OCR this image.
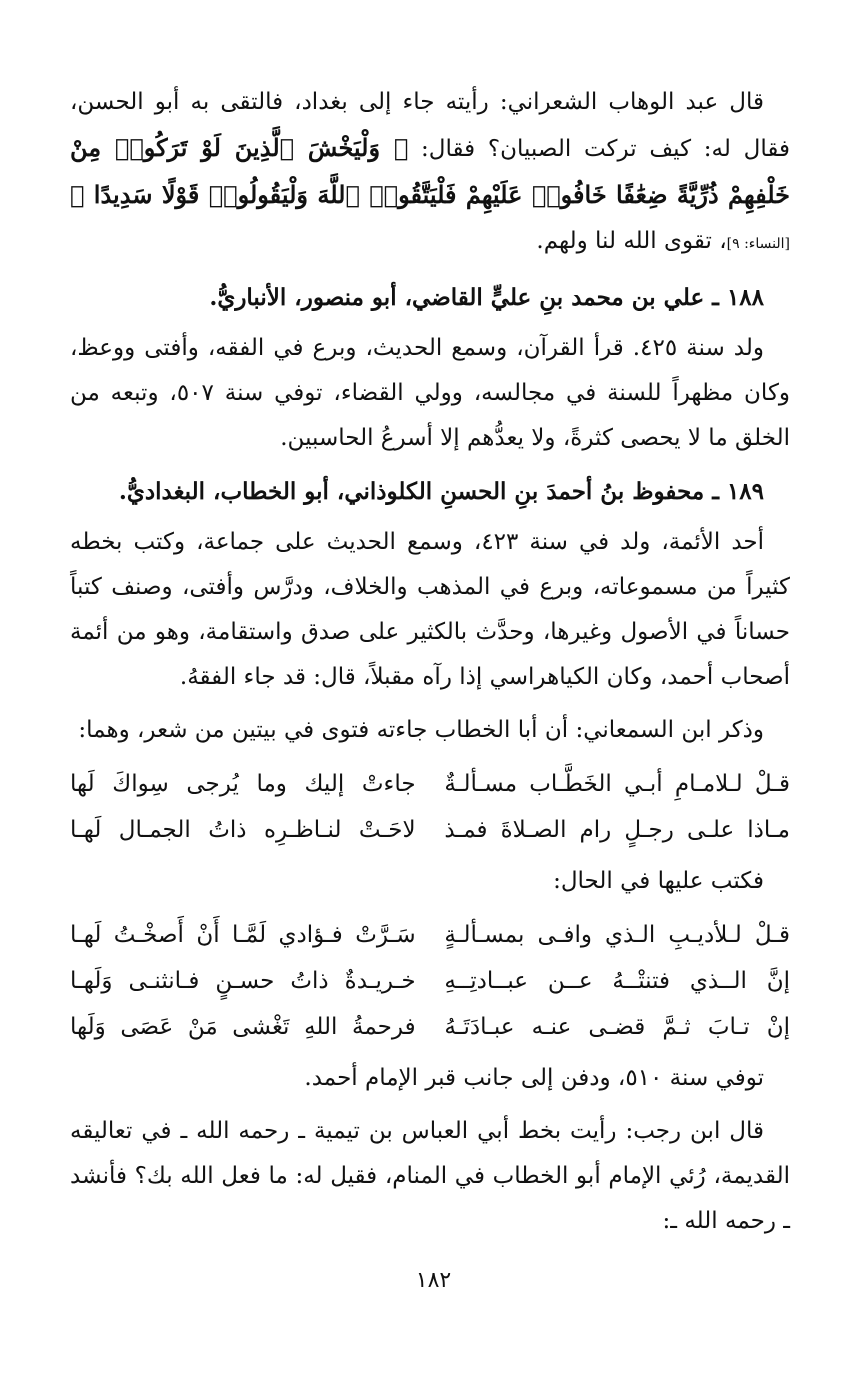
قال عبد الوهاب الشعراني: رأيته جاء إلى بغداد، فالتقى به أبو الحسن، فقال له: كيف تركت الصبيان؟ فقال: ﴿ وَلْيَخْشَ ٱلَّذِينَ لَوْ تَرَكُوا۟ مِنْ خَلْفِهِمْ ذُرِّيَّةً ضِعَٰفًا خَافُوا۟ عَلَيْهِمْ فَلْيَتَّقُوا۟ ٱللَّهَ وَلْيَقُولُوا۟ قَوْلًا سَدِيدًا ﴾ [النساء: ٩]، تقوى الله لنا ولهم.

١٨٨ ـ علي بن محمد بنِ عليٍّ القاضي، أبو منصور، الأنباريُّ.

ولد سنة ٤٢٥. قرأ القرآن، وسمع الحديث، وبرع في الفقه، وأفتى ووعظ، وكان مظهراً للسنة في مجالسه، وولي القضاء، توفي سنة ٥٠٧، وتبعه من الخلق ما لا يحصى كثرةً، ولا يعدُّهم إلا أسرعُ الحاسبين.

١٨٩ ـ محفوظ بنُ أحمدَ بنِ الحسنِ الكلوذاني، أبو الخطاب، البغداديُّ.

أحد الأئمة، ولد في سنة ٤٢٣، وسمع الحديث على جماعة، وكتب بخطه كثيراً من مسموعاته، وبرع في المذهب والخلاف، ودرَّس وأفتى، وصنف كتباً حساناً في الأصول وغيرها، وحدَّث بالكثير على صدق واستقامة، وهو من أئمة أصحاب أحمد، وكان الكياهراسي إذا رآه مقبلاً، قال: قد جاء الفقهُ.

وذكر ابن السمعاني: أن أبا الخطاب جاءته فتوى في بيتين من شعر، وهما:

قـلْ لـلامـامِ أبـي الخَطَّـاب مسـألـةٌ
جاءتْ إليك وما يُرجى سِواكَ لَها
مـاذا علـى رجـلٍ رام الصـلاةَ فمـذ
لاحَـتْ لنـاظـرِه ذاتُ الجمـال لَهـا

فكتب عليها في الحال:

قـلْ لـلأديـبِ الـذي وافـى بمسـألـةٍ
سَـرَّتْ فـؤادي لَمَّـا أَنْ أَصخْـتُ لَهـا
إنَّ الــذي فتنتْــهُ عــن عبــادتِــهِ
خـريـدةٌ ذاتُ حسـنٍ فـانثنـى وَلَهـا
إنْ تـابَ ثـمَّ قضـى عنـه عبـادَتَـهُ
فرحمةُ اللهِ تَغْشى مَنْ عَصَى وَلَها

توفي سنة ٥١٠، ودفن إلى جانب قبر الإمام أحمد.

قال ابن رجب: رأيت بخط أبي العباس بن تيمية ـ رحمه الله ـ في تعاليقه القديمة، رُئي الإمام أبو الخطاب في المنام، فقيل له: ما فعل الله بك؟ فأنشد ـ رحمه الله ـ:

١٨٢
